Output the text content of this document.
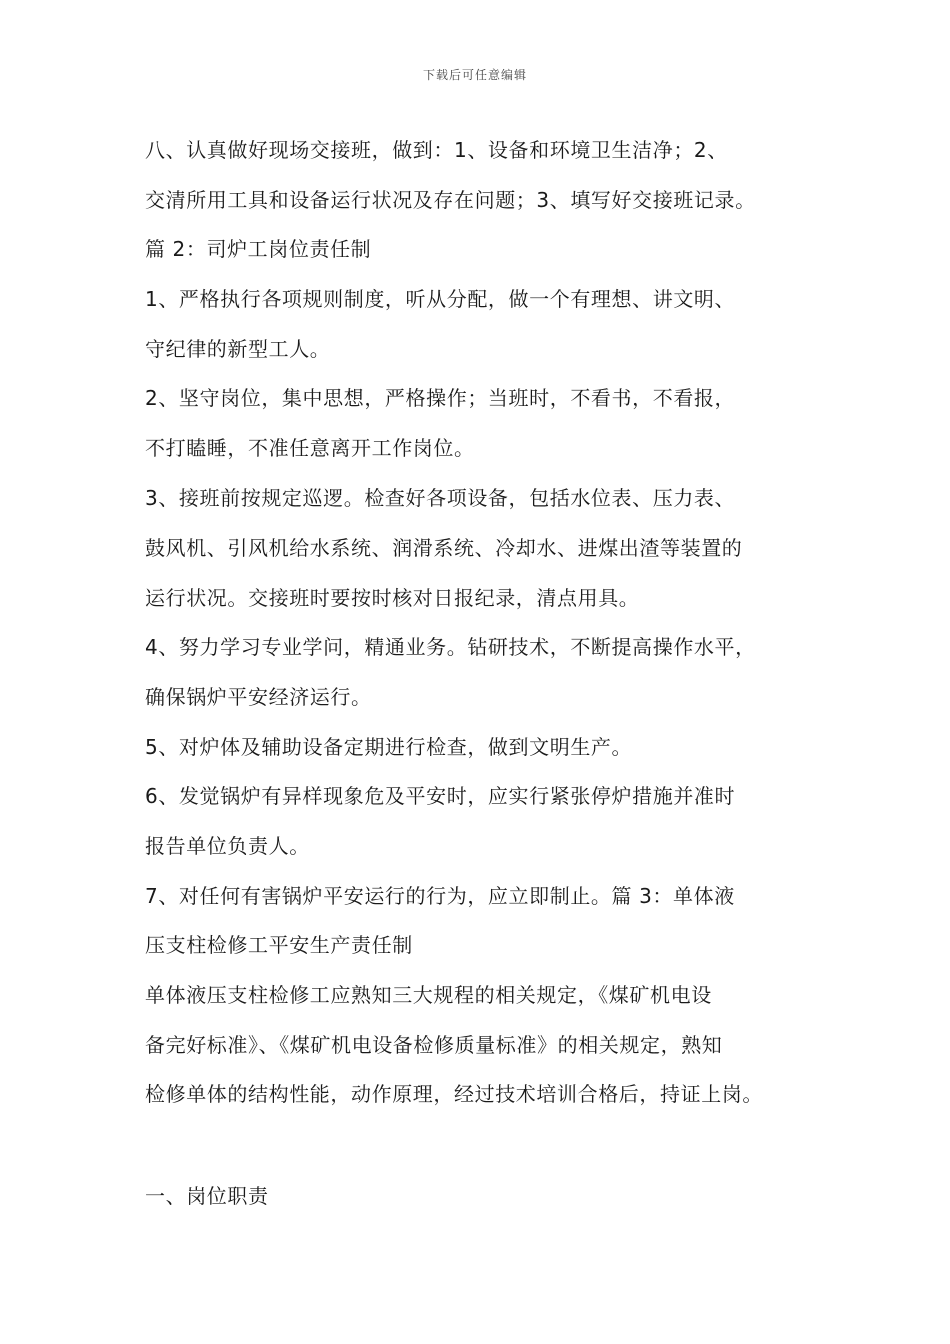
下载后可任意编辑
八、认真做好现场交接班，做到：1、设备和环境卫生洁净；2、
交清所用工具和设备运行状况及存在问题；3、填写好交接班记录。
篇 2：司炉工岗位责任制
1、严格执行各项规则制度，听从分配，做一个有理想、讲文明、
守纪律的新型工人。
2、坚守岗位，集中思想，严格操作；当班时，不看书，不看报，
不打瞌睡，不准任意离开工作岗位。
3、接班前按规定巡逻。检查好各项设备，包括水位表、压力表、
鼓风机、引风机给水系统、润滑系统、冷却水、进煤出渣等装置的
运行状况。交接班时要按时核对日报纪录，清点用具。
4、努力学习专业学问，精通业务。钻研技术，不断提高操作水平，
确保锅炉平安经济运行。
5、对炉体及辅助设备定期进行检查，做到文明生产。
6、发觉锅炉有异样现象危及平安时，应实行紧张停炉措施并准时
报告单位负责人。
7、对任何有害锅炉平安运行的行为，应立即制止。篇 3：单体液
压支柱检修工平安生产责任制
单体液压支柱检修工应熟知三大规程的相关规定，《煤矿机电设
备完好标准》、《煤矿机电设备检修质量标准》的相关规定，熟知
检修单体的结构性能，动作原理，经过技术培训合格后，持证上岗。
一、岗位职责
